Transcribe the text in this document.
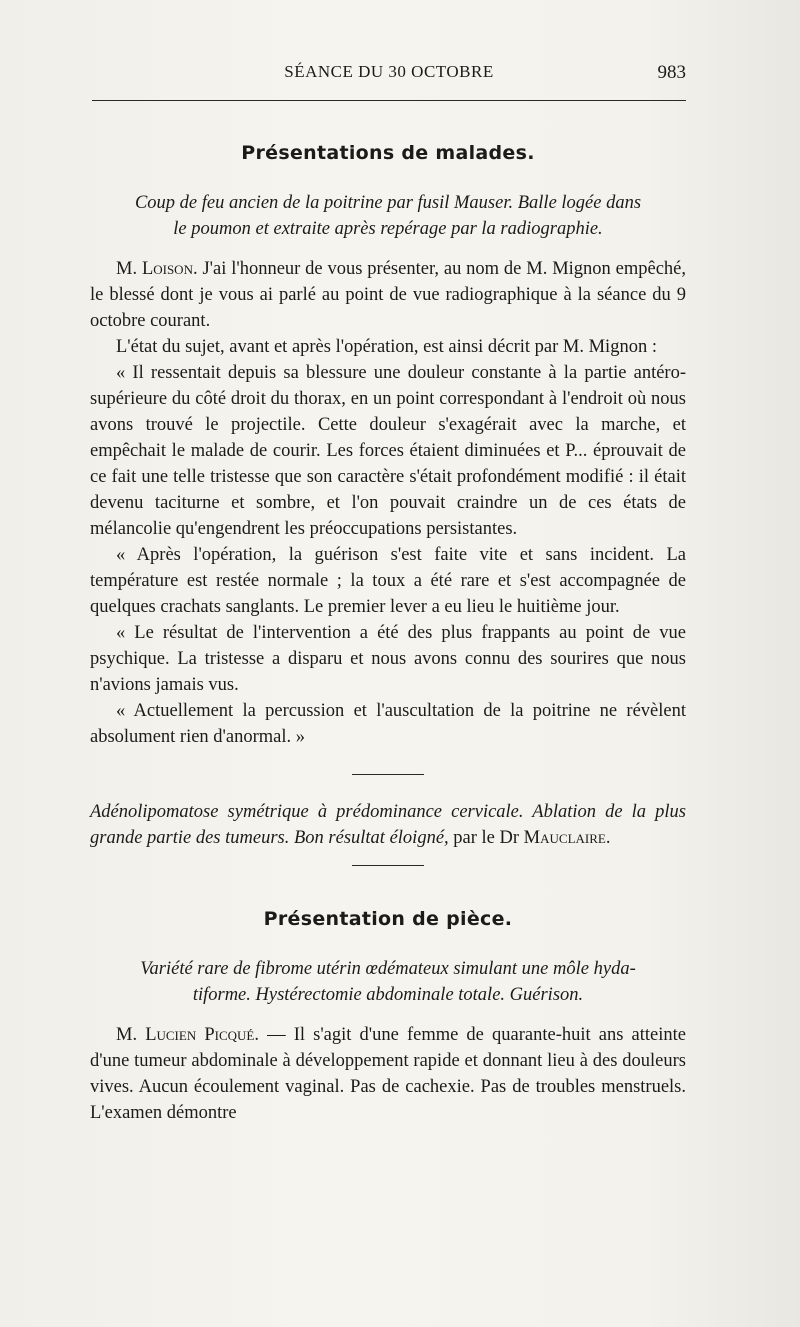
SÉANCE DU 30 OCTOBRE	983
Présentations de malades.

Coup de feu ancien de la poitrine par fusil Mauser. Balle logée dans

le poumon et extraite après repérage par la radiographie.

M. Loison. J'ai l'honneur de vous présenter, au nom de M. Mignon empêché, le blessé dont je vous ai parlé au point de vue radiographique à la séance du 9 octobre courant.

L'état du sujet, avant et après l'opération, est ainsi décrit par M. Mignon :

« Il ressentait depuis sa blessure une douleur constante à la partie antéro-supérieure du côté droit du thorax, en un point correspondant à l'endroit où nous avons trouvé le projectile. Cette douleur s'exagérait avec la marche, et empêchait le malade de courir. Les forces étaient diminuées et P... éprouvait de ce fait une telle tristesse que son caractère s'était profondément modifié : il était devenu taciturne et sombre, et l'on pouvait craindre un de ces états de mélancolie qu'engendrent les préoccupations persistantes.

« Après l'opération, la guérison s'est faite vite et sans incident. La température est restée normale ; la toux a été rare et s'est accompagnée de quelques crachats sanglants. Le premier lever a eu lieu le huitième jour.

« Le résultat de l'intervention a été des plus frappants au point de vue psychique. La tristesse a disparu et nous avons connu des sourires que nous n'avions jamais vus.

« Actuellement la percussion et l'auscultation de la poitrine ne révèlent absolument rien d'anormal. »

Adénolipomatose symétrique à prédominance cervicale. Ablation de la plus grande partie des tumeurs. Bon résultat éloigné, par le Dr Mauclaire.

Présentation de pièce.

Variété rare de fibrome utérin œdémateux simulant une môle hyda-

tiforme. Hystérectomie abdominale totale. Guérison.

M. Lucien Picqué. — Il s'agit d'une femme de quarante-huit ans atteinte d'une tumeur abdominale à développement rapide et donnant lieu à des douleurs vives. Aucun écoulement vaginal. Pas de cachexie. Pas de troubles menstruels. L'examen démontre
